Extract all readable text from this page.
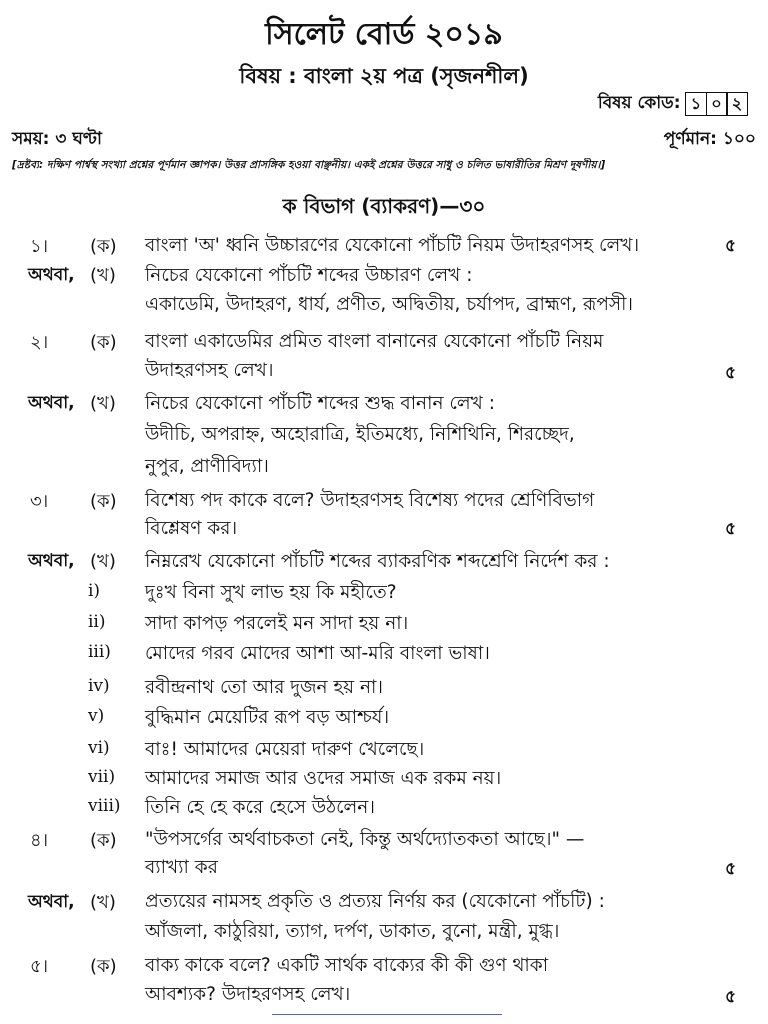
সিলেট বোর্ড ২০১৯
বিষয় : বাংলা ২য় পত্র (সৃজনশীল)
বিষয় কোড: ১ ০ ২
সময়: ৩ ঘণ্টা	পূর্ণমান: ১০০
[দ্রষ্টব্য: দক্ষিণ পার্শ্বস্থ সংখ্যা প্রশ্নের পূর্ণমান জ্ঞাপক। উত্তর প্রাসঙ্গিক হওয়া বাঞ্ছনীয়। একই প্রশ্নের উত্তরে সাধু ও চলিত ভাষারীতির মিশ্রণ দূষণীয়।]
ক বিভাগ (ব্যাকরণ)—৩০
১। (ক) বাংলা 'অ' ধ্বনি উচ্চারণের যেকোনো পাঁচটি নিয়ম উদাহরণসহ লেখ।	৫
অথবা, (খ) নিচের যেকোনো পাঁচটি শব্দের উচ্চারণ লেখ :
একাডেমি, উদাহরণ, ধার্য, প্রণীত, অদ্বিতীয়, চর্যাপদ, ব্রাহ্মণ, রূপসী।
২। (ক) বাংলা একাডেমির প্রমিত বাংলা বানানের যেকোনো পাঁচটি নিয়ম
উদাহরণসহ লেখ।	৫
অথবা, (খ) নিচের যেকোনো পাঁচটি শব্দের শুদ্ধ বানান লেখ :
উদীচি, অপরাহ্ন, অহোরাত্রি, ইতিমধ্যে, নিশিথিনি, শিরচ্ছেদ,
নুপুর, প্রাণীবিদ্যা।
৩। (ক) বিশেষ্য পদ কাকে বলে? উদাহরণসহ বিশেষ্য পদের শ্রেণিবিভাগ
বিশ্লেষণ কর।	৫
অথবা, (খ) নিম্নরেখ যেকোনো পাঁচটি শব্দের ব্যাকরণিক শব্দশ্রেণি নির্দেশ কর :
i) দুঃখ বিনা সুখ লাভ হয় কি মহীতে?
ii) সাদা কাপড় পরলেই মন সাদা হয় না।
iii) মোদের গরব মোদের আশা আ-মরি বাংলা ভাষা।
iv) রবীন্দ্রনাথ তো আর দুজন হয় না।
v) বুদ্ধিমান মেয়েটির রূপ বড় আশ্চর্য।
vi) বাঃ! আমাদের মেয়েরা দারুণ খেলেছে।
vii) আমাদের সমাজ আর ওদের সমাজ এক রকম নয়।
viii) তিনি হে হে করে হেসে উঠলেন।
৪। (ক) "উপসর্গের অর্থবাচকতা নেই, কিন্তু অর্থদ্যোতকতা আছে।" —
ব্যাখ্যা কর	৫
অথবা, (খ) প্রত্যয়ের নামসহ প্রকৃতি ও প্রত্যয় নির্ণয় কর (যেকোনো পাঁচটি) :
আঁজলা, কাঠুরিয়া, ত্যাগ, দর্পণ, ডাকাত, বুনো, মন্ত্রী, মুগ্ধ।
৫। (ক) বাক্য কাকে বলে? একটি সার্থক বাক্যের কী কী গুণ থাকা
আবশ্যক? উদাহরণসহ লেখ।	৫
